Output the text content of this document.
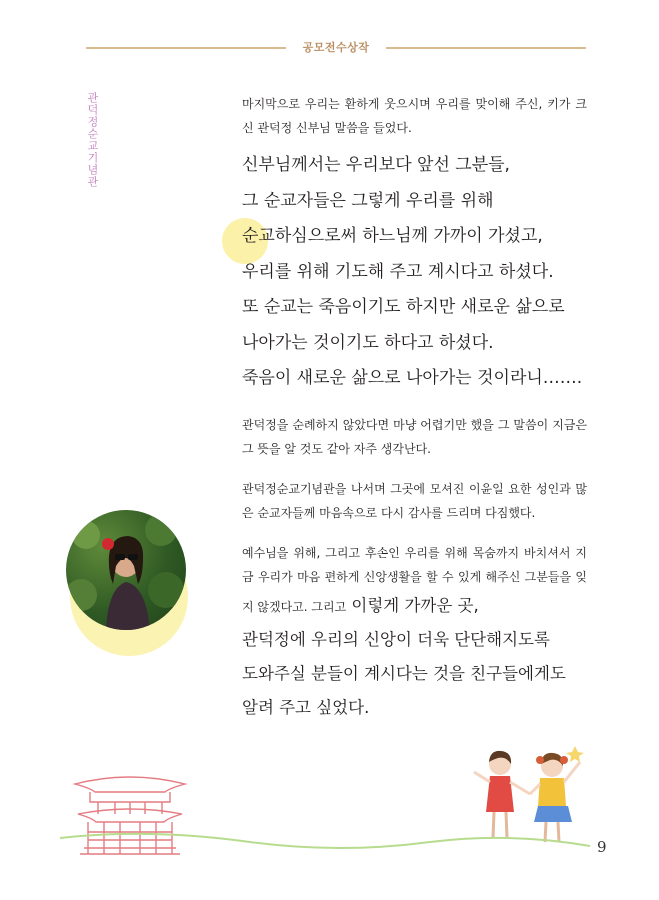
공모전수상작
관덕정순교기념관	마지막으로 우리는 환하게 웃으시며 우리를 맞이해 주신, 키가 크신 관덕정 신부님 말씀을 들었다.

신부님께서는 우리보다 앞선 그분들,
그 순교자들은 그렇게 우리를 위해
순교하심으로써 하느님께 가까이 가셨고,
우리를 위해 기도해 주고 계시다고 하셨다.
또 순교는 죽음이기도 하지만 새로운 삶으로
나아가는 것이기도 하다고 하셨다.
죽음이 새로운 삶으로 나아가는 것이라니…….

관덕정을 순례하지 않았다면 마냥 어렵기만 했을 그 말씀이 지금은 그 뜻을 알 것도 같아 자주 생각난다.

관덕정순교기념관을 나서며 그곳에 모셔진 이윤일 요한 성인과 많은 순교자들께 마음속으로 다시 감사를 드리며 다짐했다.

예수님을 위해, 그리고 후손인 우리를 위해 목숨까지 바치셔서 지금 우리가 마음 편하게 신앙생활을 할 수 있게 해주신 그분들을 잊지 않겠다고. 그리고 이렇게 가까운 곳,

관덕정에 우리의 신앙이 더욱 단단해지도록
도와주실 분들이 계시다는 것을 친구들에게도
알려 주고 싶었다.
9
